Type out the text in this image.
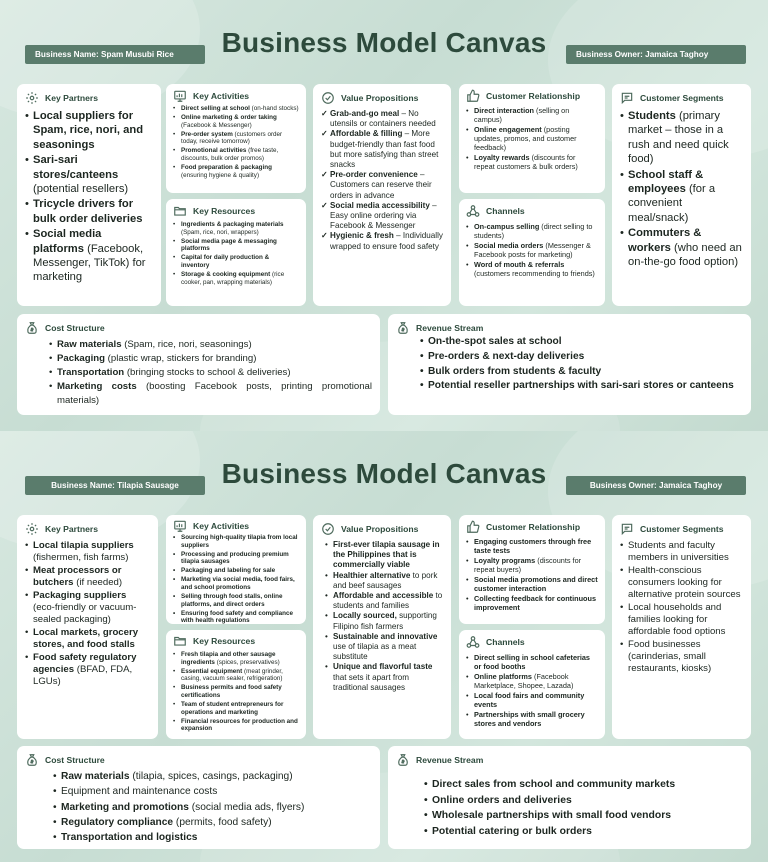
Business Model Canvas
Business Name: Spam Musubi Rice	Business Owner: Jamaica Taghoy
Key Partners
• Local suppliers for Spam, rice, nori, and seasonings
• Sari-sari stores/canteens (potential resellers)
• Tricycle drivers for bulk order deliveries
• Social media platforms (Facebook, Messenger, TikTok) for marketing
Key Activities
• Direct selling at school (on-hand stocks)
• Online marketing & order taking (Facebook & Messenger)
• Pre-order system (customers order today, receive tomorrow)
• Promotional activities (free taste, discounts, bulk order promos)
• Food preparation & packaging (ensuring hygiene & quality)
Key Resources
• Ingredients & packaging materials (Spam, rice, nori, wrappers)
• Social media page & messaging platforms
• Capital for daily production & inventory
• Storage & cooking equipment (rice cooker, pan, wrapping materials)
Value Propositions
✓ Grab-and-go meal – No utensils or containers needed
✓ Affordable & filling – More budget-friendly than fast food but more satisfying than street snacks
✓ Pre-order convenience – Customers can reserve their orders in advance
✓ Social media accessibility – Easy online ordering via Facebook & Messenger
✓ Hygienic & fresh – Individually wrapped to ensure food safety
Customer Relationship
• Direct interaction (selling on campus)
• Online engagement (posting updates, promos, and customer feedback)
• Loyalty rewards (discounts for repeat customers & bulk orders)
Channels
• On-campus selling (direct selling to students)
• Social media orders (Messenger & Facebook posts for marketing)
• Word of mouth & referrals (customers recommending to friends)
Customer Segments
• Students (primary market – those in a rush and need quick food)
• School staff & employees (for a convenient meal/snack)
• Commuters & workers (who need an on-the-go food option)
Cost Structure
• Raw materials (Spam, rice, nori, seasonings)
• Packaging (plastic wrap, stickers for branding)
• Transportation (bringing stocks to school & deliveries)
• Marketing costs (boosting Facebook posts, printing promotional materials)
Revenue Stream
• On-the-spot sales at school
• Pre-orders & next-day deliveries
• Bulk orders from students & faculty
• Potential reseller partnerships with sari-sari stores or canteens
Business Model Canvas
Business Name: Tilapia Sausage	Business Owner: Jamaica Taghoy
Key Partners
• Local tilapia suppliers (fishermen, fish farms)
• Meat processors or butchers (if needed)
• Packaging suppliers (eco-friendly or vacuum-sealed packaging)
• Local markets, grocery stores, and food stalls
• Food safety regulatory agencies (BFAD, FDA, LGUs)
Key Activities
• Sourcing high-quality tilapia from local suppliers
• Processing and producing premium tilapia sausages
• Packaging and labeling for sale
• Marketing via social media, food fairs, and school promotions
• Selling through food stalls, online platforms, and direct orders
• Ensuring food safety and compliance with health regulations
Key Resources
• Fresh tilapia and other sausage ingredients (spices, preservatives)
• Essential equipment (meat grinder, casing, vacuum sealer, refrigeration)
• Business permits and food safety certifications
• Team of student entrepreneurs for operations and marketing
• Financial resources for production and expansion
Value Propositions
• First-ever tilapia sausage in the Philippines that is commercially viable
• Healthier alternative to pork and beef sausages
• Affordable and accessible to students and families
• Locally sourced, supporting Filipino fish farmers
• Sustainable and innovative use of tilapia as a meat substitute
• Unique and flavorful taste that sets it apart from traditional sausages
Customer Relationship
• Engaging customers through free taste tests
• Loyalty programs (discounts for repeat buyers)
• Social media promotions and direct customer interaction
• Collecting feedback for continuous improvement
Channels
• Direct selling in school cafeterias or food booths
• Online platforms (Facebook Marketplace, Shopee, Lazada)
• Local food fairs and community events
• Partnerships with small grocery stores and vendors
Customer Segments
• Students and faculty members in universities
• Health-conscious consumers looking for alternative protein sources
• Local households and families looking for affordable food options
• Food businesses (carinderias, small restaurants, kiosks)
Cost Structure
• Raw materials (tilapia, spices, casings, packaging)
• Equipment and maintenance costs
• Marketing and promotions (social media ads, flyers)
• Regulatory compliance (permits, food safety)
• Transportation and logistics
Revenue Stream
• Direct sales from school and community markets
• Online orders and deliveries
• Wholesale partnerships with small food vendors
• Potential catering or bulk orders
